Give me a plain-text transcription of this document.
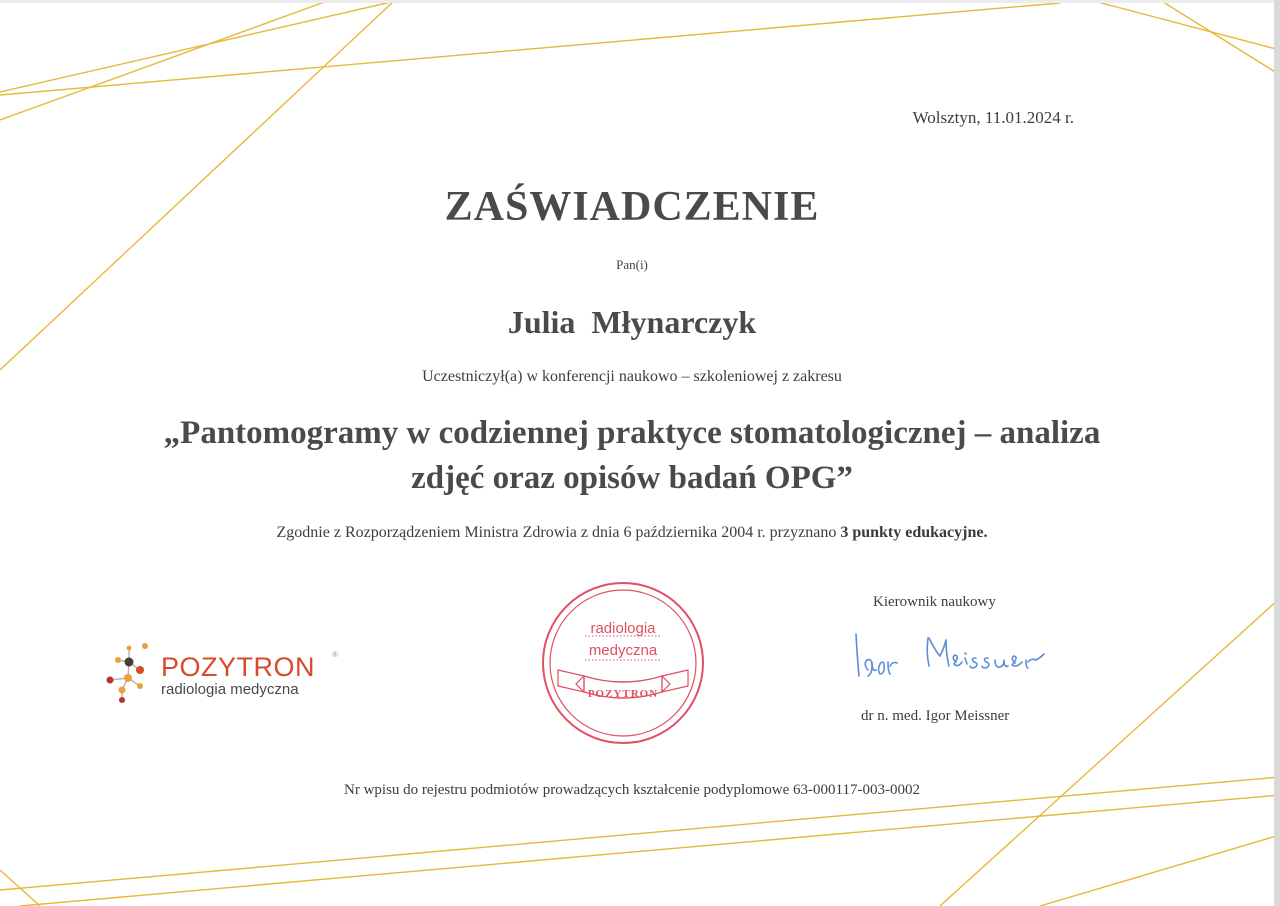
Wolsztyn, 11.01.2024 r.
ZAŚWIADCZENIE
Pan(i)
Julia Młynarczyk
Uczestniczył(a) w konferencji naukowo – szkoleniowej z zakresu
„Pantomogramy w codziennej praktyce stomatologicznej – analiza
zdjęć oraz opisów badań OPG”
Zgodnie z Rozporządzeniem Ministra Zdrowia z dnia 6 października 2004 r. przyznano 3 punkty edukacyjne.
POZYTRON ®
radiologia medyczna
radiologia
medyczna
POZYTRON
Kierownik naukowy
dr n. med. Igor Meissner
Nr wpisu do rejestru podmiotów prowadzących kształcenie podyplomowe 63-000117-003-0002
